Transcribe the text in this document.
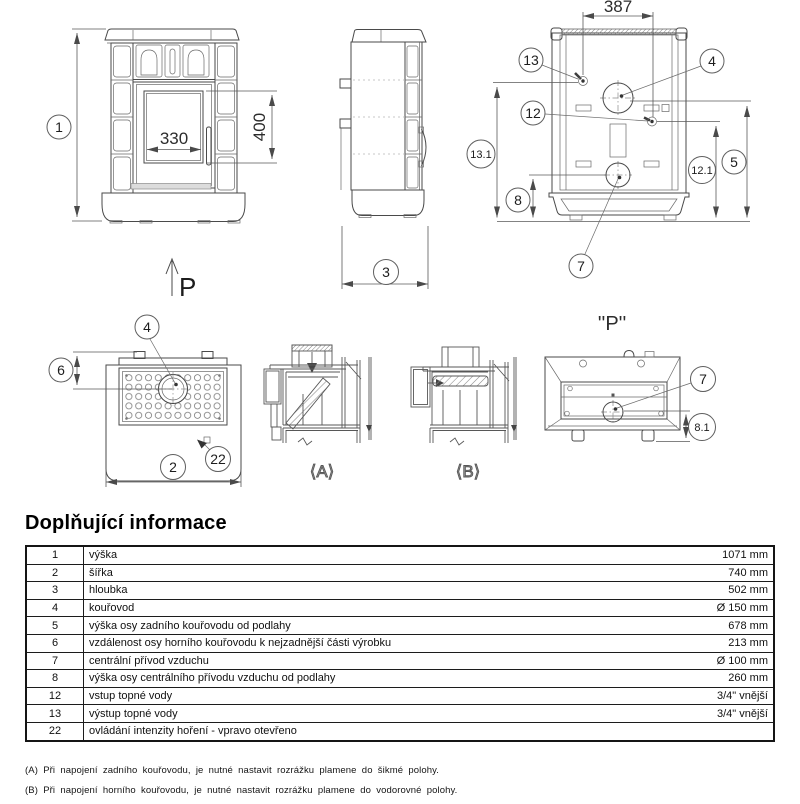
1
330	400
P	3
387
13.1
8
12.1
5
13	4
12
7
6
4
22
2	⟨A⟩	⟨B⟩
''P''
7
8.1
Doplňující informace
1	výška 1071 mm

2	šířka 740 mm

3	hloubka 502 mm

4	kouřovod Ø 150 mm

5	výška osy zadního kouřovodu od podlahy 678 mm

6	vzdálenost osy horního kouřovodu k nejzadnější části výrobku 213 mm

7	centrální přívod vzduchu Ø 100 mm

8	výška osy centrálního přívodu vzduchu od podlahy 260 mm

12	vstup topné vody 3/4" vnější

13	výstup topné vody 3/4" vnější

22	ovládání intenzity hoření - vpravo otevřeno
(A) Při napojení zadního kouřovodu, je nutné nastavit rozrážku plamene do šikmé polohy.
(B) Při napojení horního kouřovodu, je nutné nastavit rozrážku plamene do vodorovné polohy.
